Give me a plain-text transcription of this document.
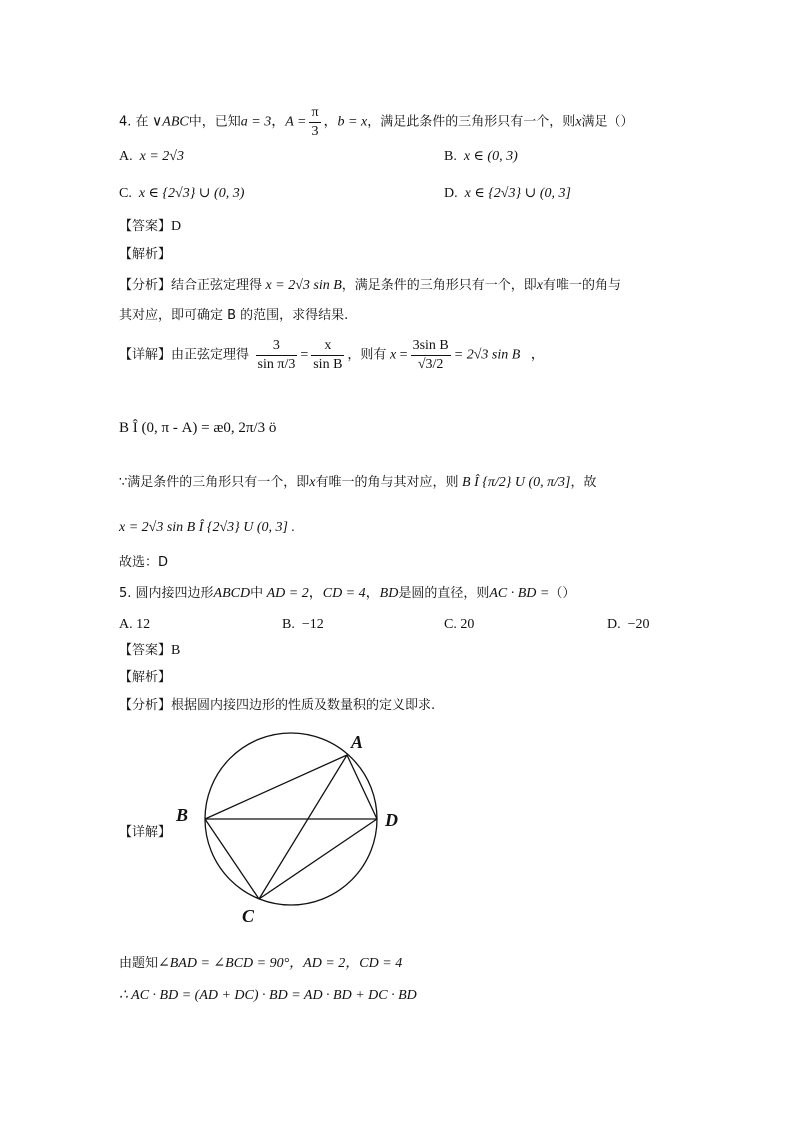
4. 在 ∨ABC中，已知a = 3，$A = \frac{\pi}{3}$ ，b = x，满足此条件的三角形只有一个，则x满足（）
A. x = 2√3	B. x ∈ (0, 3)
C. x ∈ {2√3} ∪ (0, 3)	D. x ∈ {2√3} ∪ (0, 3]
【答案】D
【解析】
【分析】结合正弦定理得 x = 2√3 sin B，满足条件的三角形只有一个，即x有唯一的角与
其对应，即可确定 B 的范围，求得结果.
【详解】由正弦定理得 $\frac{3}{\text{sin π/3}} = \frac{x}{\text{sin B}}$ ，则有 $x = \frac{\text{3sin B}}{√3/2} = 2√3$ sin B   ，
B Î (0, π - A) = æ0, 2π/3 ö
∵满足条件的三角形只有一个，即x有唯一的角与其对应，则 B Î {π/2} U (0, π/3]，故
x = 2√3 sin B Î {2√3} U (0, 3] .
故选：D
5. 圆内接四边形ABCD中 AD = 2，CD = 4，BD是圆的直径，则AC · BD =（）
A. 12	B. −12	C. 20	D. −20
【答案】B
【解析】
【分析】根据圆内接四边形的性质及数量积的定义即求.
【详解】
A
B
C
D
由题知∠BAD = ∠BCD = 90°，AD = 2，CD = 4
∴ AC · BD = (AD + DC) · BD = AD · BD + DC · BD
